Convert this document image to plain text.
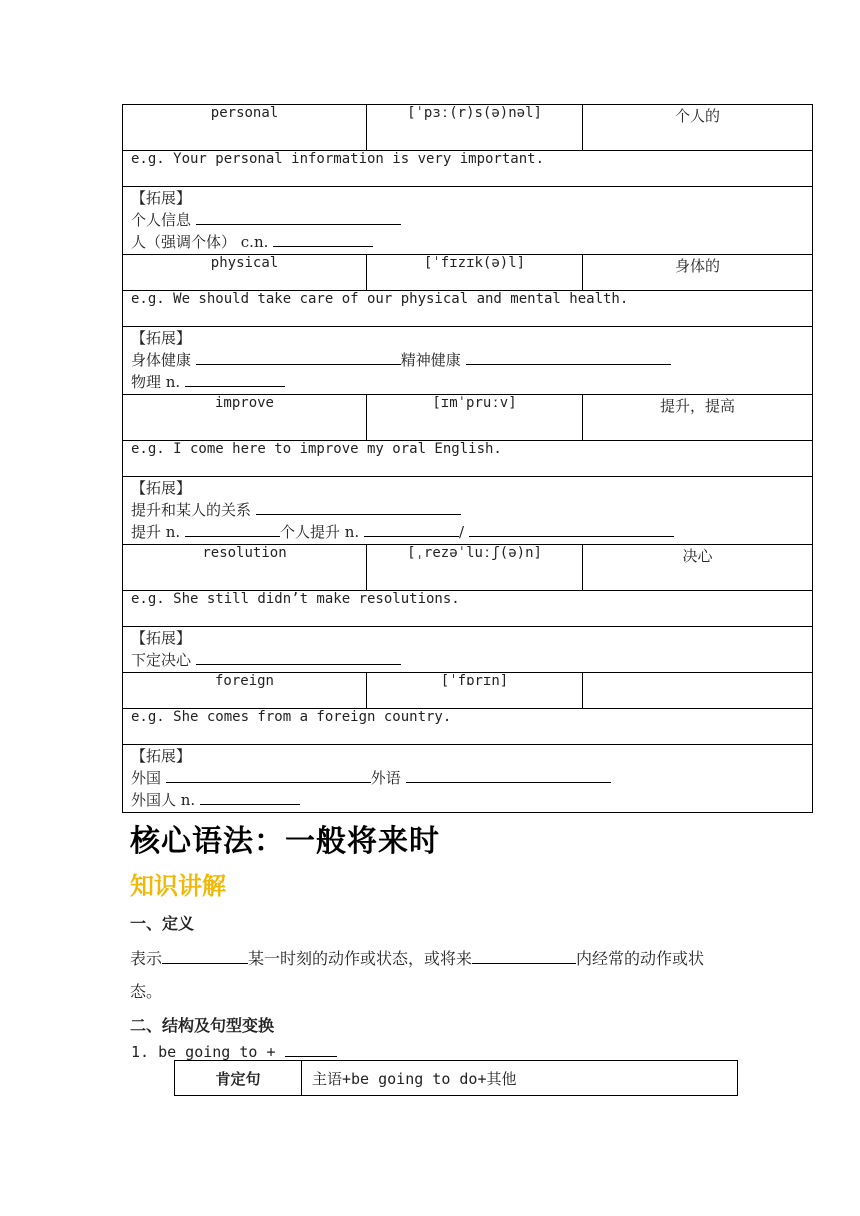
personal	[ˈpɜː(r)s(ə)nəl]	个人的
e.g. Your personal information is very important.		

【拓展】
个人信息
人（强调个体） c.n.		

physical	[ˈfɪzɪk(ə)l]	身体的
e.g. We should take care of our physical and mental health.		

【拓展】
身体健康 精神健康
物理 n.		

improve	[ɪmˈpruːv]	提升，提高
e.g. I come here to improve my oral English.		

【拓展】
提升和某人的关系
提升 n. 个人提升 n. /		

resolution	[ˌrezəˈluːʃ(ə)n]	决心
e.g. She still didn’t make resolutions.		

【拓展】
下定决心		

foreign	[ˈfɒrɪn]	
e.g. She comes from a foreign country.		

【拓展】
外国 外语
外国人 n.		
核心语法：一般将来时
知识讲解
一、定义
表示	某一时刻的动作或状态，或将来	内经常的动作或状
态。
二、结构及句型变换
1. be going to +
肯定句	主语+be going to do+其他
